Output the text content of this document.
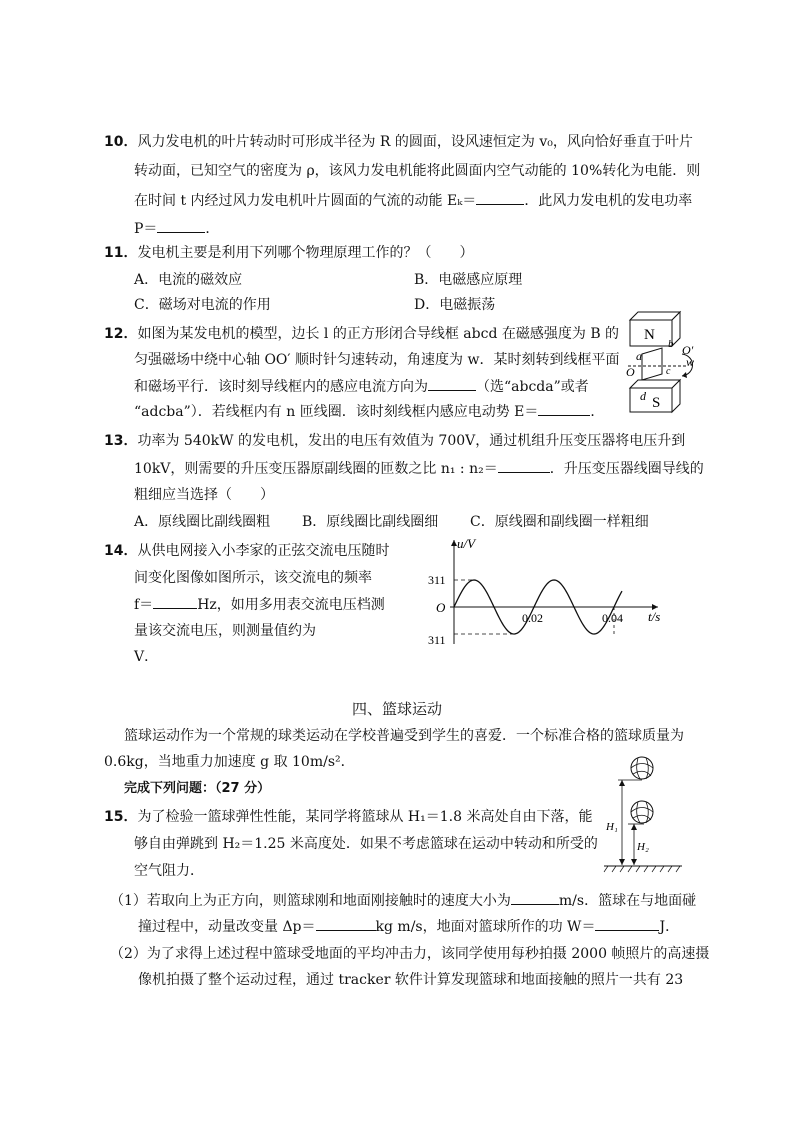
10．风力发电机的叶片转动时可形成半径为 R 的圆面，设风速恒定为 v₀，风向恰好垂直于叶片
转动面，已知空气的密度为 ρ，该风力发电机能将此圆面内空气动能的 10%转化为电能．则
在时间 t 内经过风力发电机叶片圆面的气流的动能 Eₖ＝	．此风力发电机的发电功率
P＝	．
11．发电机主要是利用下列哪个物理原理工作的？（　　）
A．电流的磁效应	B．电磁感应原理
C．磁场对电流的作用	D．电磁振荡
12．如图为某发电机的模型，边长 l 的正方形闭合导线框 abcd 在磁感强度为 B 的
匀强磁场中绕中心轴 OO′ 顺时针匀速转动，角速度为 w．某时刻转到线框平面
和磁场平行．该时刻导线框内的感应电流方向为	（选“abcda”或者
“adcba”）．若线框内有 n 匝线圈．该时刻线框内感应电动势 E＝	．
N
b
a
c
O
O′
w
d S
13．功率为 540kW 的发电机，发出的电压有效值为 700V，通过机组升压变压器将电压升到
10kV，则需要的升压变压器原副线圈的匝数之比 n₁ : n₂＝	．升压变压器线圈导线的
粗细应当选择（　　）
A．原线圈比副线圈粗 B．原线圈比副线圈细 C．原线圈和副线圈一样粗细
14．从供电网接入小李家的正弦交流电压随时
间变化图像如图所示，该交流电的频率
f＝	Hz，如用多用表交流电压档测
量该交流电压，则测量值约为
V．
u/V
t/s
O
311
311
0.02	0.04
四、篮球运动
篮球运动作为一个常规的球类运动在学校普遍受到学生的喜爱．一个标准合格的篮球质量为
0.6kg，当地重力加速度 g 取 10m/s²．
完成下列问题：（27 分）
15．为了检验一篮球弹性性能，某同学将篮球从 H₁＝1.8 米高处自由下落，能
够自由弹跳到 H₂＝1.25 米高度处．如果不考虑篮球在运动中转动和所受的
空气阻力．
H₁
H₂
（1）若取向上为正方向，则篮球刚和地面刚接触时的速度大小为	m/s．篮球在与地面碰
撞过程中，动量改变量 Δp＝	kg m/s，地面对篮球所作的功 W＝	J．
（2）为了求得上述过程中篮球受地面的平均冲击力，该同学使用每秒拍摄 2000 帧照片的高速摄
像机拍摄了整个运动过程，通过 tracker 软件计算发现篮球和地面接触的照片一共有 23
